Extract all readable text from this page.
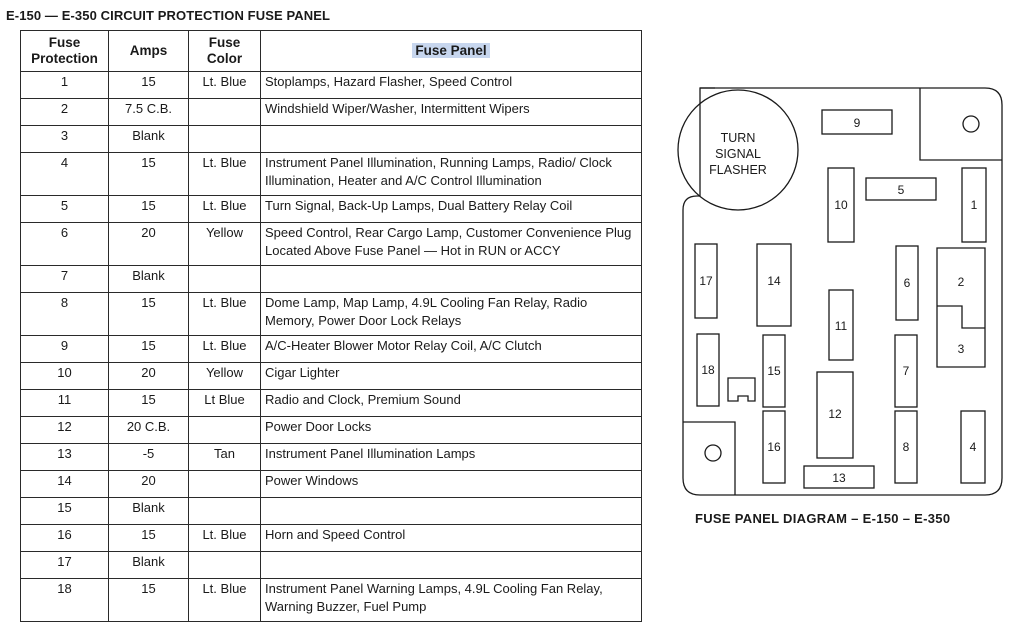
E-150 — E-350 CIRCUIT PROTECTION FUSE PANEL
Fuse Protection	Amps	Fuse Color	Fuse Panel
1	15	Lt. Blue	Stoplamps, Hazard Flasher, Speed Control
2	7.5 C.B.		Windshield Wiper/Washer, Intermittent Wipers
3	Blank		
4	15	Lt. Blue	Instrument Panel Illumination, Running Lamps, Radio/ Clock Illumination, Heater and A/C Control Illumination
5	15	Lt. Blue	Turn Signal, Back-Up Lamps, Dual Battery Relay Coil
6	20	Yellow	Speed Control, Rear Cargo Lamp, Customer Convenience Plug Located Above Fuse Panel — Hot in RUN or ACCY
7	Blank		
8	15	Lt. Blue	Dome Lamp, Map Lamp, 4.9L Cooling Fan Relay, Radio Memory, Power Door Lock Relays
9	15	Lt. Blue	A/C-Heater Blower Motor Relay Coil, A/C Clutch
10	20	Yellow	Cigar Lighter
11	15	Lt Blue	Radio and Clock, Premium Sound
12	20 C.B.		Power Door Locks
13	-5	Tan	Instrument Panel Illumination Lamps
14	20		Power Windows
15	Blank		
16	15	Lt. Blue	Horn and Speed Control
17	Blank		
18	15	Lt. Blue	Instrument Panel Warning Lamps, 4.9L Cooling Fan Relay, Warning Buzzer, Fuel Pump
TURN
SIGNAL
FLASHER
9
10
5
1
17	14	6	2
3
11
18	15	7
12
16	8	4
13
FUSE PANEL DIAGRAM – E-150 – E-350
